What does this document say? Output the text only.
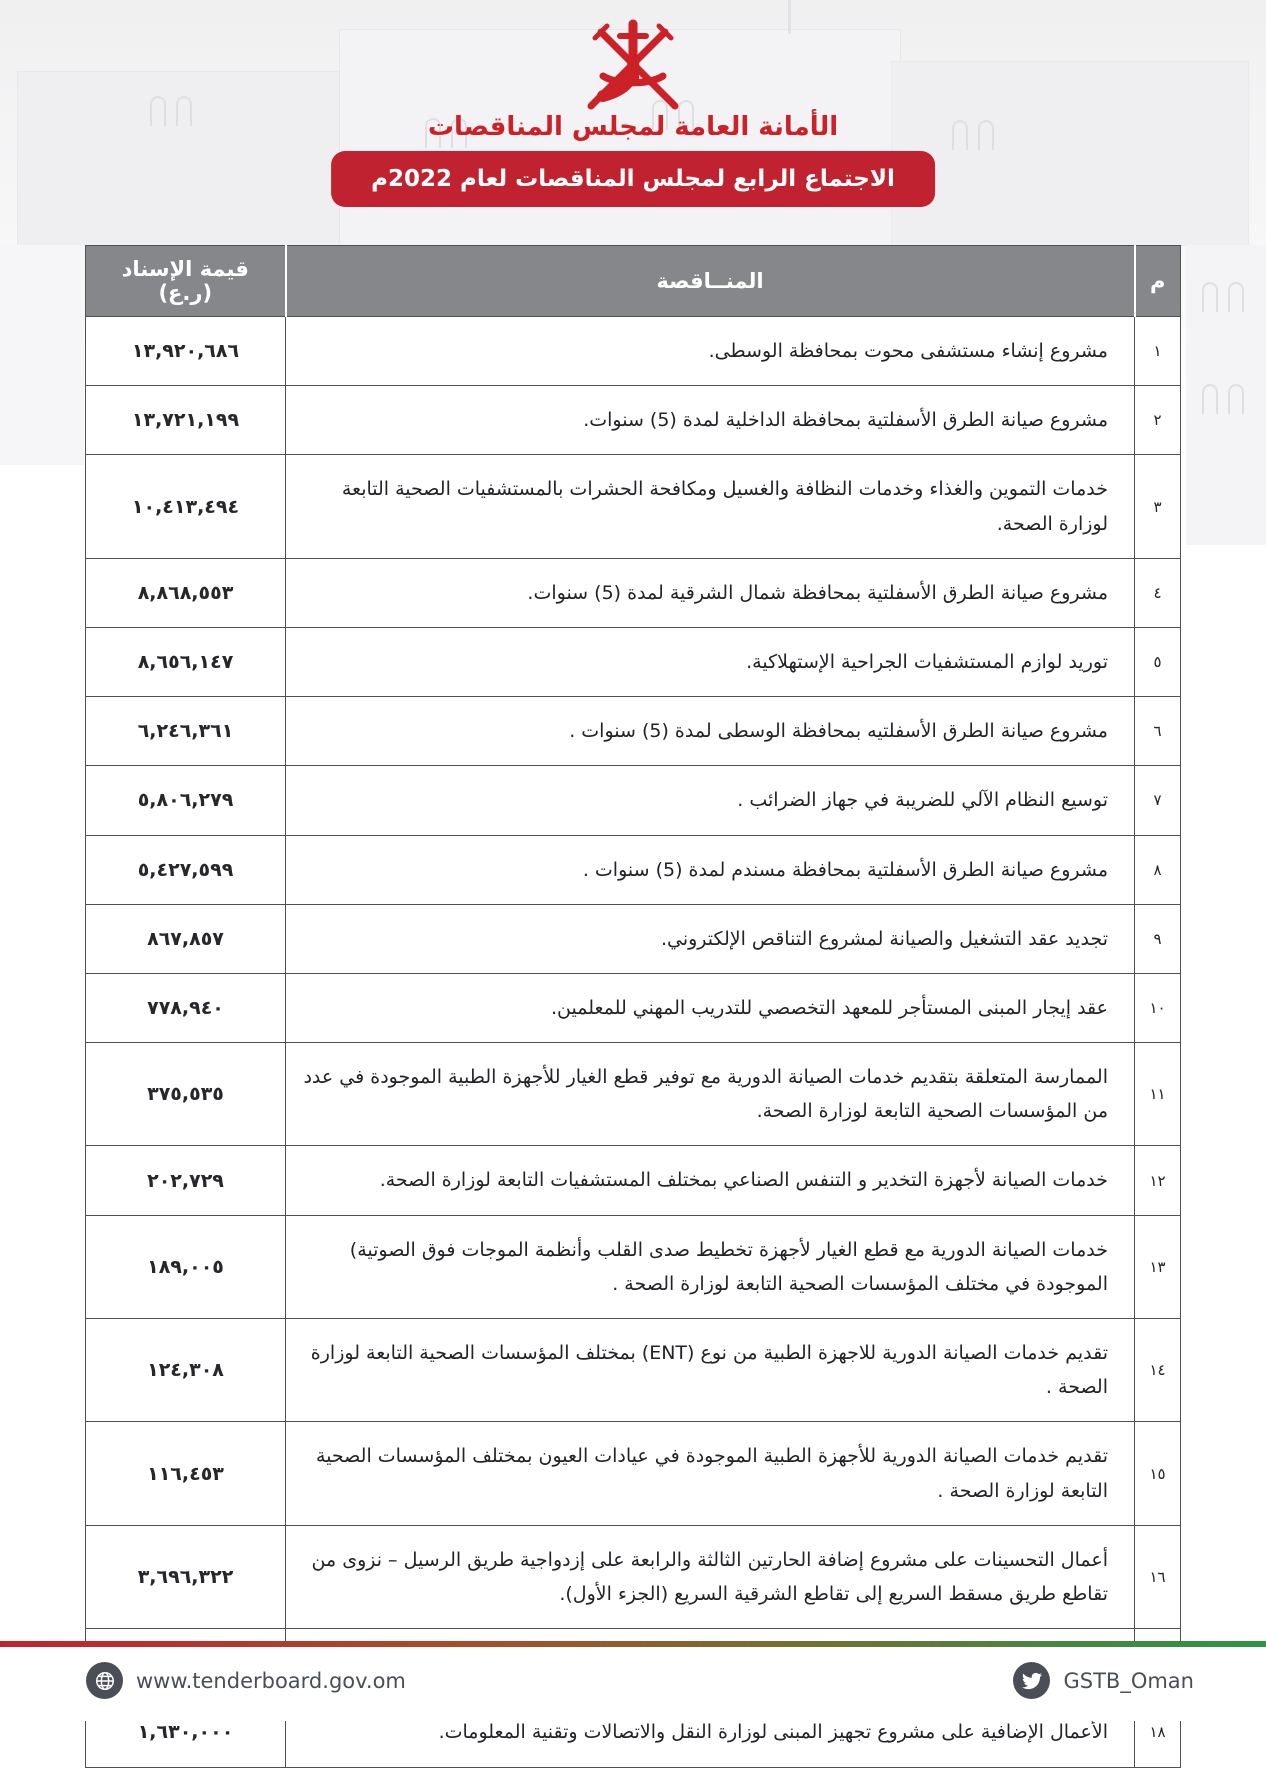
الأمانة العامة لمجلس المناقصات
الاجتماع الرابع لمجلس المناقصات لعام 2022م
م	المنــاقصة	قيمة الإسناد (ر.ع)
١	مشروع إنشاء مستشفى محوت بمحافظة الوسطى.	١٣,٩٢٠,٦٨٦
٢	مشروع صيانة الطرق الأسفلتية بمحافظة الداخلية لمدة (5) سنوات.	١٣,٧٢١,١٩٩
٣	خدمات التموين والغذاء وخدمات النظافة والغسيل ومكافحة الحشرات بالمستشفيات الصحية التابعة لوزارة الصحة.	١٠,٤١٣,٤٩٤
٤	مشروع صيانة الطرق الأسفلتية بمحافظة شمال الشرقية لمدة (5) سنوات.	٨,٨٦٨,٥٥٣
٥	توريد لوازم المستشفيات الجراحية الإستهلاكية.	٨,٦٥٦,١٤٧
٦	مشروع صيانة الطرق الأسفلتيه بمحافظة الوسطى لمدة (5) سنوات .	٦,٢٤٦,٣٦١
٧	توسيع النظام الآلي للضريبة في جهاز الضرائب .	٥,٨٠٦,٢٧٩
٨	مشروع صيانة الطرق الأسفلتية بمحافظة مسندم لمدة (5) سنوات .	٥,٤٢٧,٥٩٩
٩	تجديد عقد التشغيل والصيانة لمشروع التناقص الإلكتروني.	٨٦٧,٨٥٧
١٠	عقد إيجار المبنى المستأجر للمعهد التخصصي للتدريب المهني للمعلمين.	٧٧٨,٩٤٠
١١	الممارسة المتعلقة بتقديم خدمات الصيانة الدورية مع توفير قطع الغيار للأجهزة الطبية الموجودة في عدد من المؤسسات الصحية التابعة لوزارة الصحة.	٣٧٥,٥٣٥
١٢	خدمات الصيانة لأجهزة التخدير و التنفس الصناعي بمختلف المستشفيات التابعة لوزارة الصحة.	٢٠٢,٧٢٩
١٣	خدمات الصيانة الدورية مع قطع الغيار لأجهزة تخطيط صدى القلب وأنظمة الموجات فوق الصوتية) الموجودة في مختلف المؤسسات الصحية التابعة لوزارة الصحة .	١٨٩,٠٠٥
١٤	تقديم خدمات الصيانة الدورية للاجهزة الطبية من نوع (ENT) بمختلف المؤسسات الصحية التابعة لوزارة الصحة .	١٢٤,٣٠٨
١٥	تقديم خدمات الصيانة الدورية للأجهزة الطبية الموجودة في عيادات العيون بمختلف المؤسسات الصحية التابعة لوزارة الصحة .	١١٦,٤٥٣
١٦	أعمال التحسينات على مشروع إضافة الحارتين الثالثة والرابعة على إزدواجية طريق الرسيل – نزوى من تقاطع طريق مسقط السريع إلى تقاطع الشرقية السريع (الجزء الأول).	٣,٦٩٦,٣٢٢

١٨	الأعمال الإضافية على مشروع تجهيز المبنى لوزارة النقل والاتصالات وتقنية المعلومات.	١,٦٣٠,٠٠٠
www.tenderboard.gov.om	GSTB_Oman
